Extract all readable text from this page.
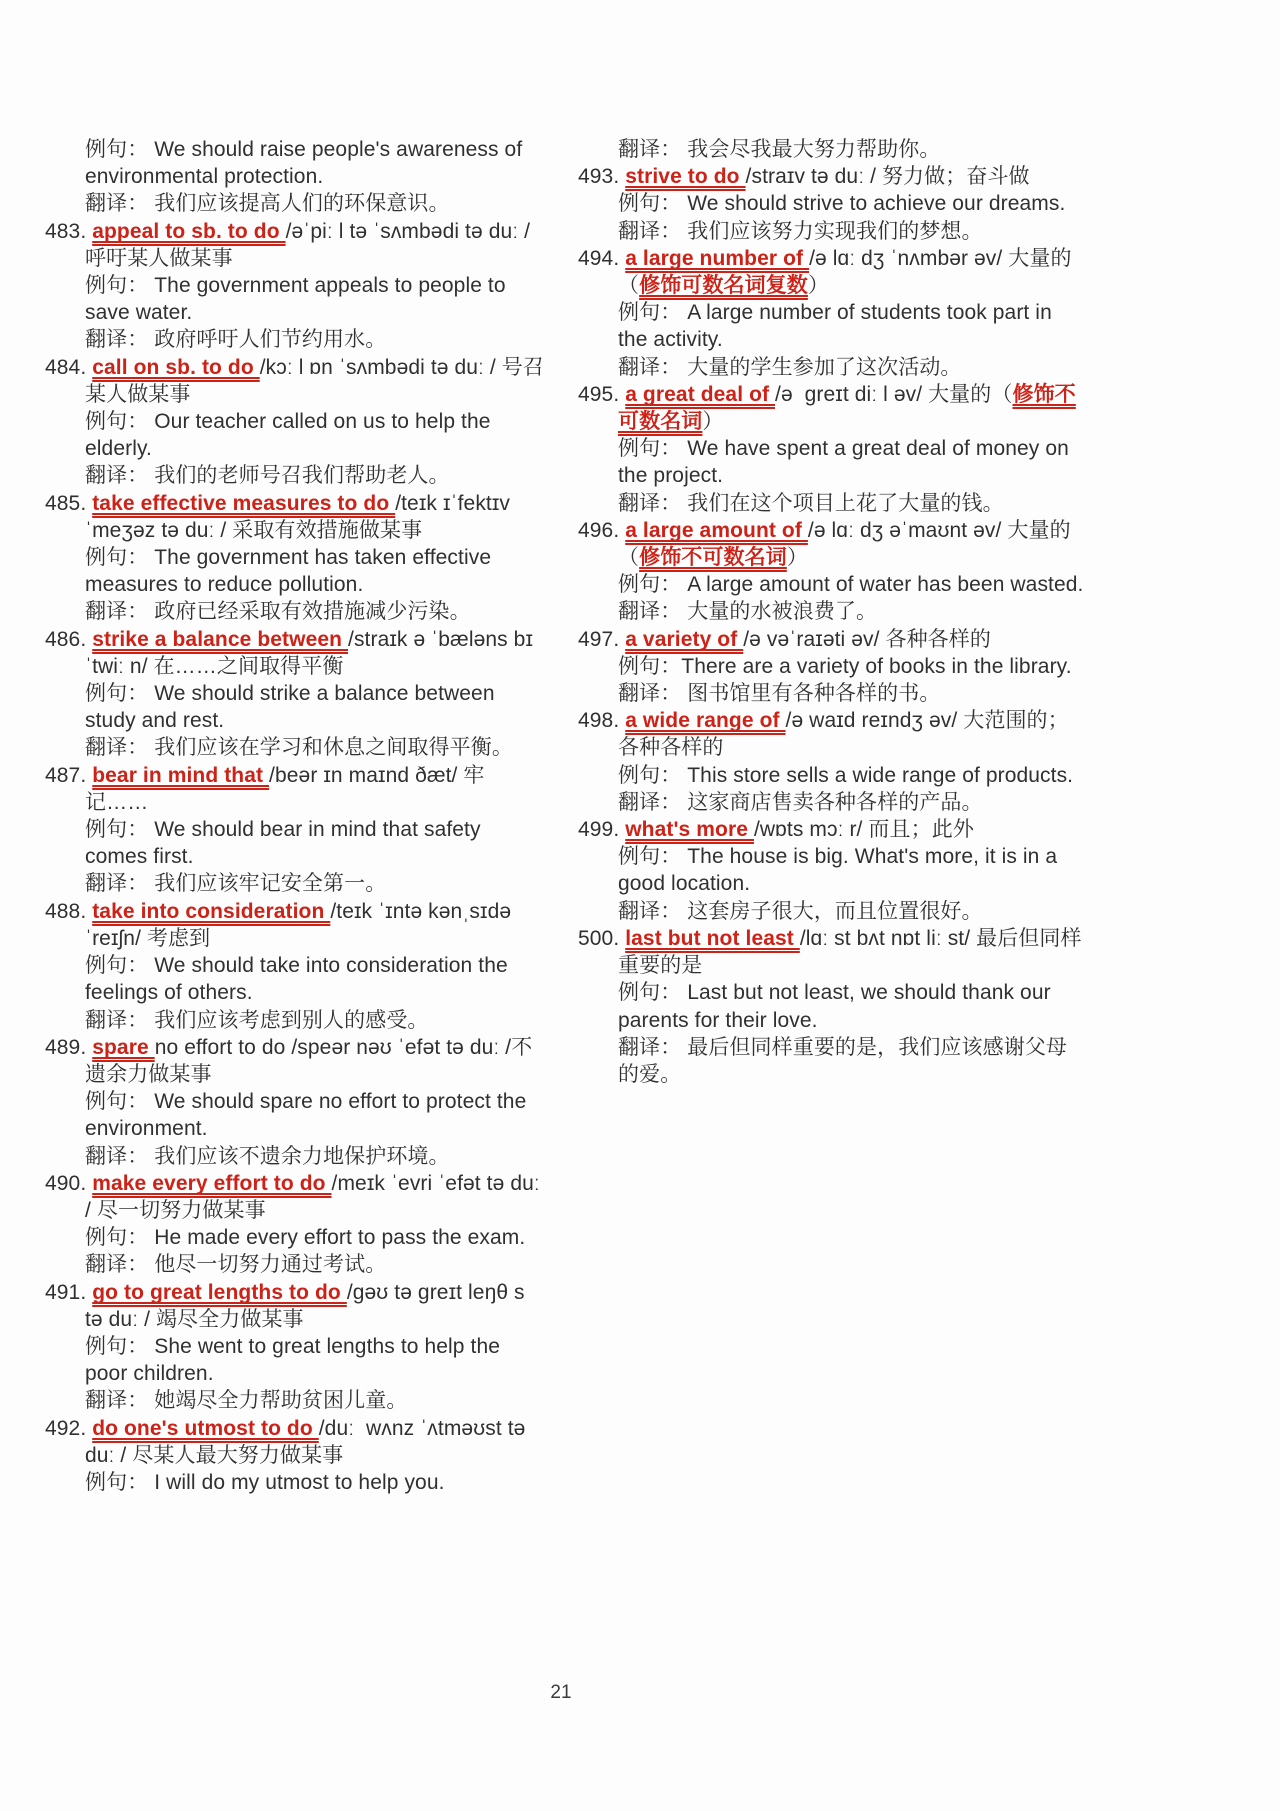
例句： We should raise people's awareness of environmental protection.
翻译： 我们应该提高人们的环保意识。
483. appeal to sb. to do /əˈpiː l tə ˈsʌmbədi tə duː / 呼吁某人做某事
例句： The government appeals to people to save water.
翻译： 政府呼吁人们节约用水。
484. call on sb. to do /kɔː l ɒn ˈsʌmbədi tə duː / 号召某人做某事
例句： Our teacher called on us to help the elderly.
翻译： 我们的老师号召我们帮助老人。
485. take effective measures to do /teɪk ɪˈfektɪv ˈmeʒəz tə duː / 采取有效措施做某事
例句： The government has taken effective measures to reduce pollution.
翻译： 政府已经采取有效措施减少污染。
486. strike a balance between /straɪk ə ˈbæləns bɪˈtwiː n/ 在……之间取得平衡
例句： We should strike a balance between study and rest.
翻译： 我们应该在学习和休息之间取得平衡。
487. bear in mind that /beər ɪn maɪnd ðæt/ 牢记……
例句： We should bear in mind that safety comes first.
翻译： 我们应该牢记安全第一。
488. take into consideration /teɪk ˈɪntə kənˌsɪdəˈreɪʃn/ 考虑到
例句： We should take into consideration the feelings of others.
翻译： 我们应该考虑到别人的感受。
489. spare no effort to do /speər nəʊ ˈefət tə duː /不遗余力做某事
例句： We should spare no effort to protect the environment.
翻译： 我们应该不遗余力地保护环境。
490. make every effort to do /meɪk ˈevri ˈefət tə duː / 尽一切努力做某事
例句： He made every effort to pass the exam.
翻译： 他尽一切努力通过考试。
491. go to great lengths to do /gəʊ tə greɪt leŋθ s tə duː / 竭尽全力做某事
例句： She went to great lengths to help the poor children.
翻译： 她竭尽全力帮助贫困儿童。
492. do one's utmost to do /duː  wʌnz ˈʌtməʊst tə duː / 尽某人最大努力做某事
例句： I will do my utmost to help you.
翻译： 我会尽我最大努力帮助你。
493. strive to do /straɪv tə duː / 努力做；奋斗做
例句： We should strive to achieve our dreams.
翻译： 我们应该努力实现我们的梦想。
494. a large number of /ə lɑː dʒ ˈnʌmbər əv/ 大量的（修饰可数名词复数）
例句： A large number of students took part in the activity.
翻译： 大量的学生参加了这次活动。
495. a great deal of /ə  greɪt diː l əv/ 大量的（修饰不可数名词）
例句： We have spent a great deal of money on the project.
翻译： 我们在这个项目上花了大量的钱。
496. a large amount of /ə lɑː dʒ əˈmaʊnt əv/ 大量的（修饰不可数名词）
例句： A large amount of water has been wasted.
翻译： 大量的水被浪费了。
497. a variety of /ə vəˈraɪəti əv/ 各种各样的
例句：There are a variety of books in the library.
翻译： 图书馆里有各种各样的书。
498. a wide range of /ə waɪd reɪndʒ əv/ 大范围的；各种各样的
例句： This store sells a wide range of products.
翻译： 这家商店售卖各种各样的产品。
499. what's more /wɒts mɔː r/ 而且；此外
例句： The house is big. What's more, it is in a good location.
翻译： 这套房子很大，而且位置很好。
500. last but not least /lɑː st bʌt nɒt liː st/ 最后但同样重要的是
例句： Last but not least, we should thank our parents for their love.
翻译： 最后但同样重要的是，我们应该感谢父母的爱。
21
